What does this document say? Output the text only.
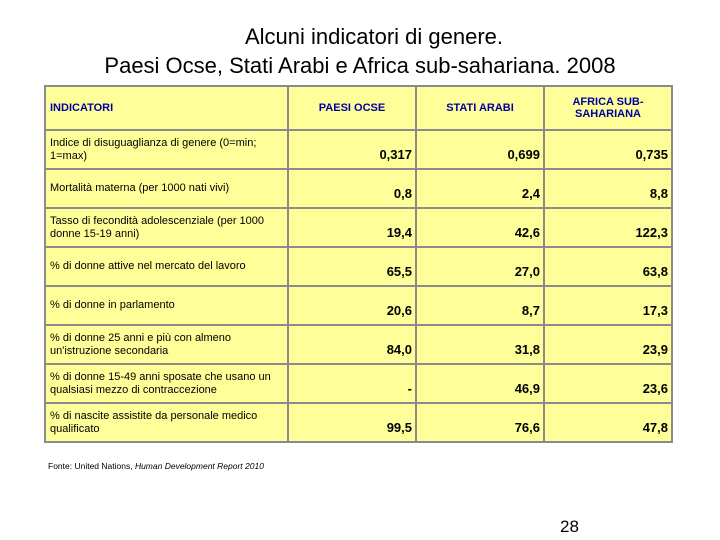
Alcuni indicatori di genere.
Paesi Ocse, Stati Arabi e Africa sub-sahariana. 2008
INDICATORI	PAESI OCSE	STATI ARABI	AFRICA SUB-SAHARIANA
Indice di disuguaglianza di genere (0=min; 1=max)	0,317	0,699	0,735
Mortalità materna (per 1000 nati vivi)	0,8	2,4	8,8
Tasso di fecondità adolescenziale (per 1000 donne 15-19 anni)	19,4	42,6	122,3
% di donne attive nel mercato del lavoro	65,5	27,0	63,8
% di donne in parlamento	20,6	8,7	17,3
% di donne 25 anni e più con almeno un'istruzione secondaria	84,0	31,8	23,9
% di donne 15-49 anni sposate che usano un qualsiasi mezzo di contraccezione	-	46,9	23,6
% di nascite assistite da personale medico qualificato	99,5	76,6	47,8
Fonte: United Nations, Human Development Report 2010
28
